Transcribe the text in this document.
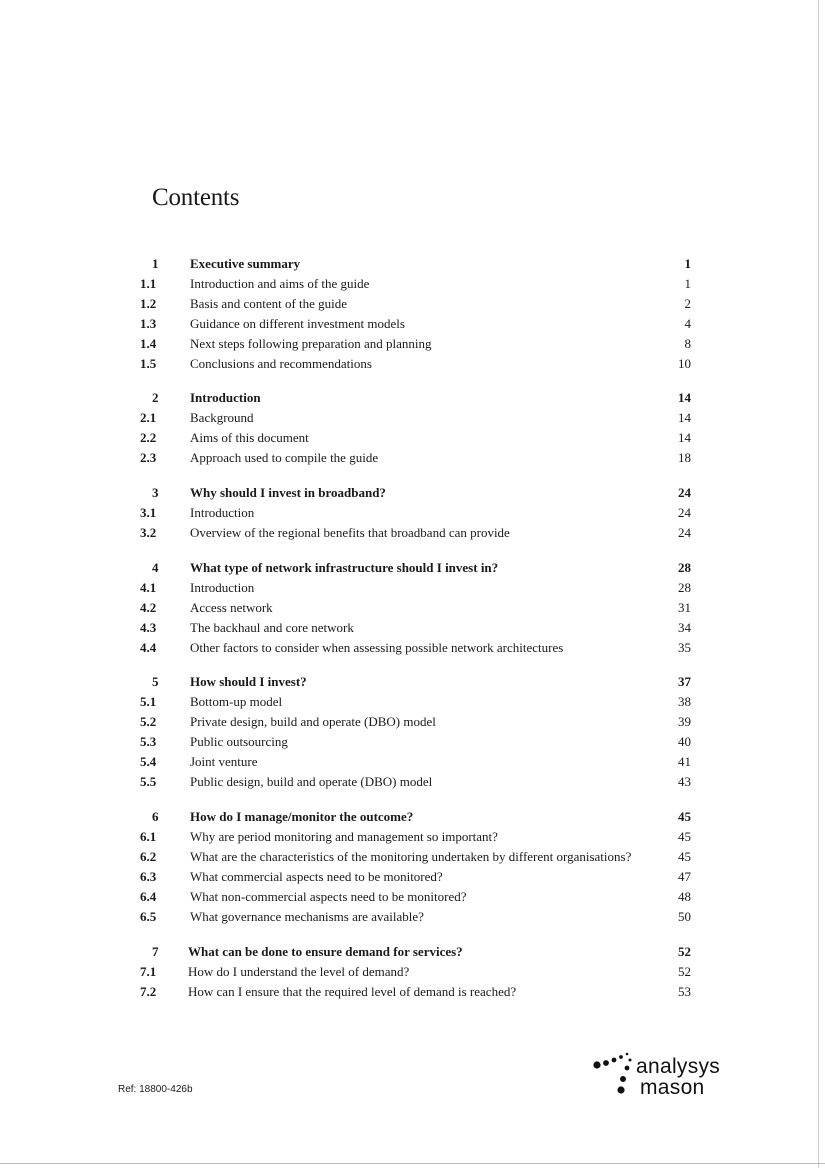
Contents
1	Executive summary	1
1.1	Introduction and aims of the guide	1
1.2	Basis and content of the guide	2
1.3	Guidance on different investment models	4
1.4	Next steps following preparation and planning	8
1.5	Conclusions and recommendations	10
2	Introduction	14
2.1	Background	14
2.2	Aims of this document	14
2.3	Approach used to compile the guide	18
3	Why should I invest in broadband?	24
3.1	Introduction	24
3.2	Overview of the regional benefits that broadband can provide	24
4	What type of network infrastructure should I invest in?	28
4.1	Introduction	28
4.2	Access network	31
4.3	The backhaul and core network	34
4.4	Other factors to consider when assessing possible network architectures	35
5	How should I invest?	37
5.1	Bottom-up model	38
5.2	Private design, build and operate (DBO) model	39
5.3	Public outsourcing	40
5.4	Joint venture	41
5.5	Public design, build and operate (DBO) model	43
6	How do I manage/monitor the outcome?	45
6.1	Why are period monitoring and management so important?	45
6.2	What are the characteristics of the monitoring undertaken by different organisations?	45
6.3	What commercial aspects need to be monitored?	47
6.4	What non-commercial aspects need to be monitored?	48
6.5	What governance mechanisms are available?	50
7	What can be done to ensure demand for services?	52
7.1	How do I understand the level of demand?	52
7.2	How can I ensure that the required level of demand is reached?	53
Ref: 18800-426b
analysys
mason
